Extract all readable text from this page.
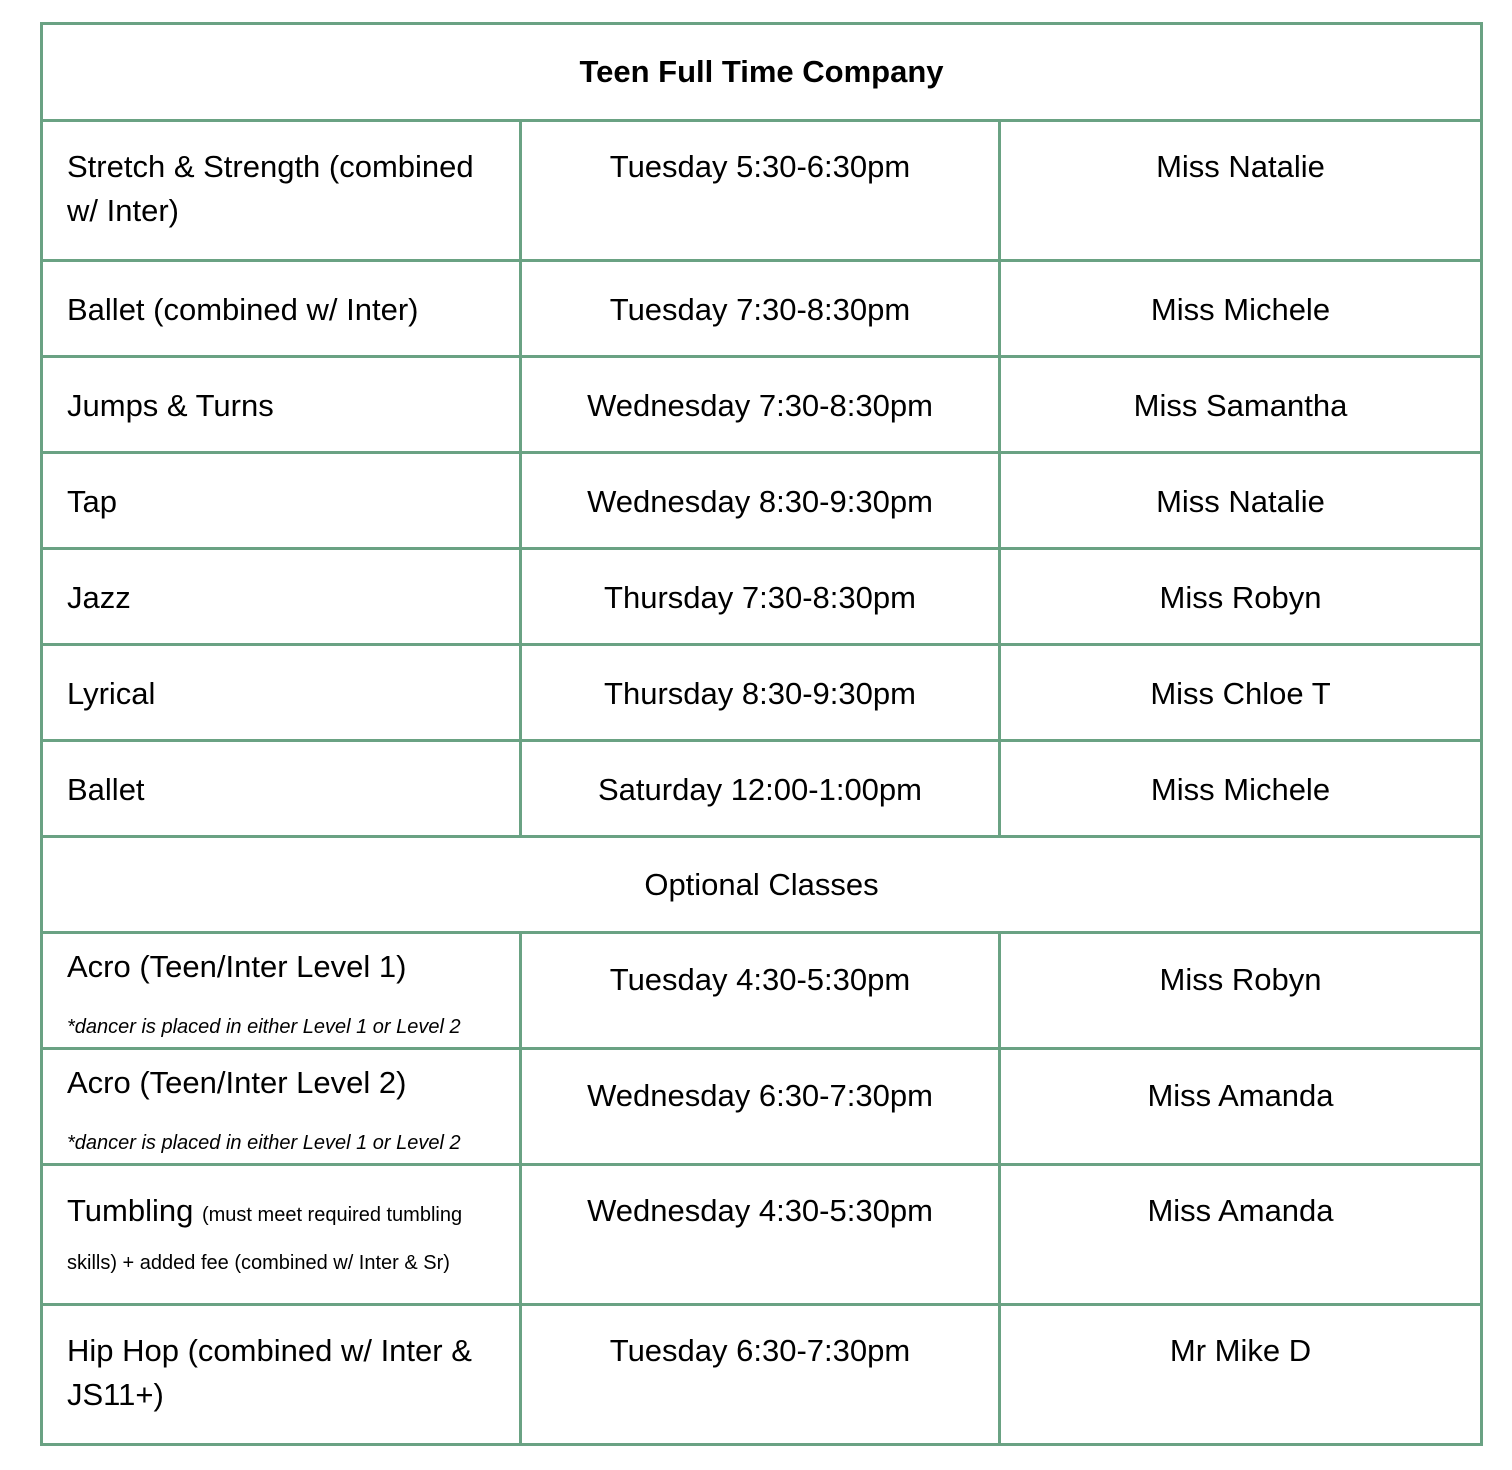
Teen Full Time Company		
Stretch & Strength (combined w/ Inter)	Tuesday 5:30-6:30pm	Miss Natalie
Ballet (combined w/ Inter)	Tuesday 7:30-8:30pm	Miss Michele
Jumps & Turns	Wednesday 7:30-8:30pm	Miss Samantha
Tap	Wednesday 8:30-9:30pm	Miss Natalie
Jazz	Thursday 7:30-8:30pm	Miss Robyn
Lyrical	Thursday 8:30-9:30pm	Miss Chloe T
Ballet	Saturday 12:00-1:00pm	Miss Michele
Optional Classes		
Acro (Teen/Inter Level 1)
*dancer is placed in either Level 1 or Level 2	Tuesday 4:30-5:30pm	Miss Robyn
Acro (Teen/Inter Level 2)
*dancer is placed in either Level 1 or Level 2	Wednesday 6:30-7:30pm	Miss Amanda
Tumbling (must meet required tumbling skills) + added fee (combined w/ Inter & Sr)	Wednesday 4:30-5:30pm	Miss Amanda
Hip Hop (combined w/ Inter & JS11+)	Tuesday 6:30-7:30pm	Mr Mike D
